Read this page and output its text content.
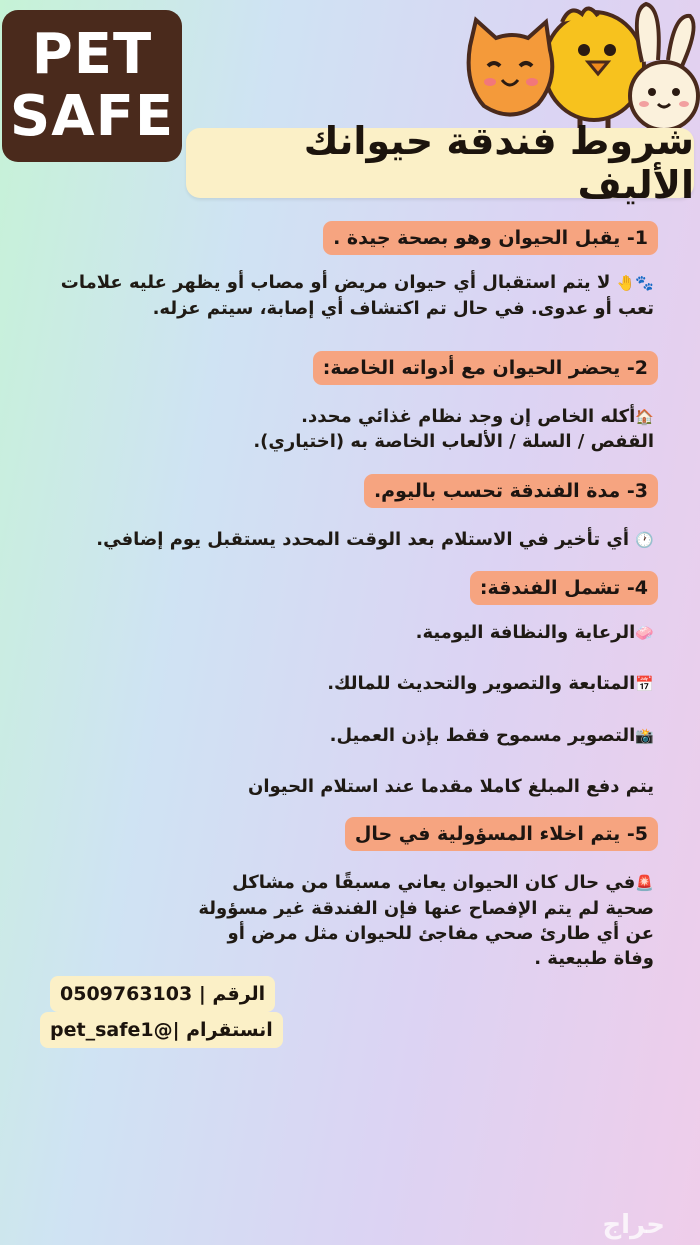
PET
SAFE	شروط فندقة حيوانك الأليف
1- يقبل الحيوان وهو بصحة جيدة .
🐾🤚 لا يتم استقبال أي حيوان مريض أو مصاب أو يظهر عليه علامات تعب أو عدوى. في حال تم اكتشاف أي إصابة، سيتم عزله.
2- يحضر الحيوان مع أدواته الخاصة:
🏠أكله الخاص إن وجد نظام غذائي محدد.
القفص / السلة / الألعاب الخاصة به (اختياري).
3- مدة الفندقة تحسب باليوم.
🕐 أي تأخير في الاستلام بعد الوقت المحدد يستقبل يوم إضافي.
4- تشمل الفندقة:
🧼الرعاية والنظافة اليومية.
📅المتابعة والتصوير والتحديث للمالك.
📸التصوير مسموح فقط بإذن العميل.
يتم دفع المبلغ كاملا مقدما عند استلام الحيوان
5- يتم اخلاء المسؤولية في حال
🚨في حال كان الحيوان يعاني مسبقًا من مشاكل صحية لم يتم الإفصاح عنها فإن الفندقة غير مسؤولة عن أي طارئ صحي مفاجئ للحيوان مثل مرض أو وفاة طبيعية .
الرقم | 0509763103
انستقرام |@pet_safe1
حراج
